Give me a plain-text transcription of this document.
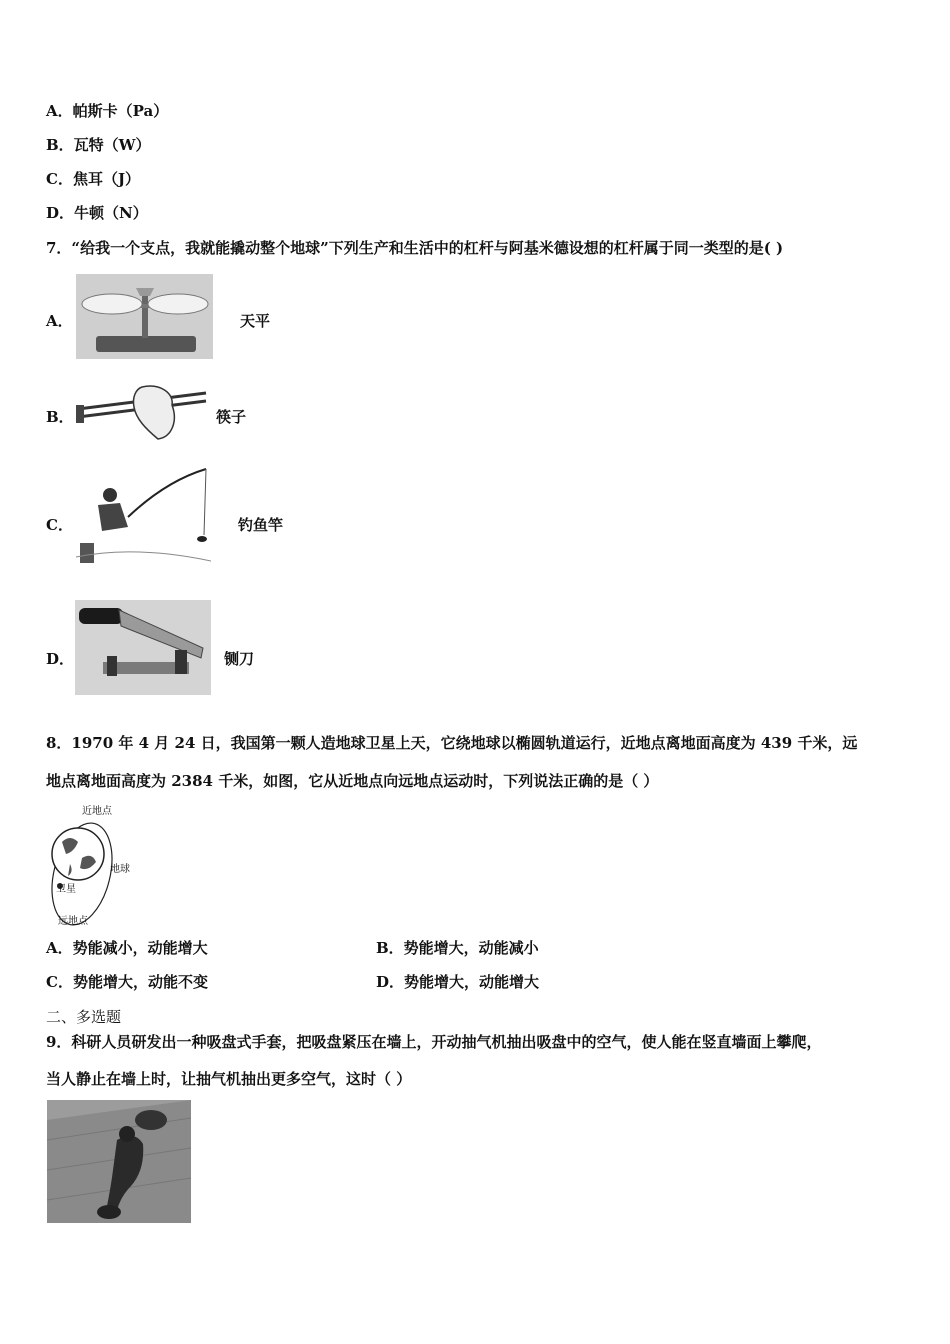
A．帕斯卡（Pa）
B．瓦特（W）
C．焦耳（J）
D．牛顿（N）
7．“给我一个支点，我就能撬动整个地球”下列生产和生活中的杠杆与阿基米德设想的杠杆属于同一类型的是( )
A．	天平
B．	筷子
C．	钓鱼竿
D．	铡刀
8．1970 年 4 月 24 日，我国第一颗人造地球卫星上天，它绕地球以椭圆轨道运行，近地点离地面高度为 439 千米，远
地点离地面高度为 2384 千米，如图，它从近地点向远地点运动时，下列说法正确的是（ ）
近地点
地球
卫星
远地点
A．势能减小，动能增大	B．势能增大，动能减小
C．势能增大，动能不变	D．势能增大，动能增大
二、多选题
9．科研人员研发出一种吸盘式手套，把吸盘紧压在墙上，开动抽气机抽出吸盘中的空气，使人能在竖直墙面上攀爬，
当人静止在墙上时，让抽气机抽出更多空气，这时（ ）
